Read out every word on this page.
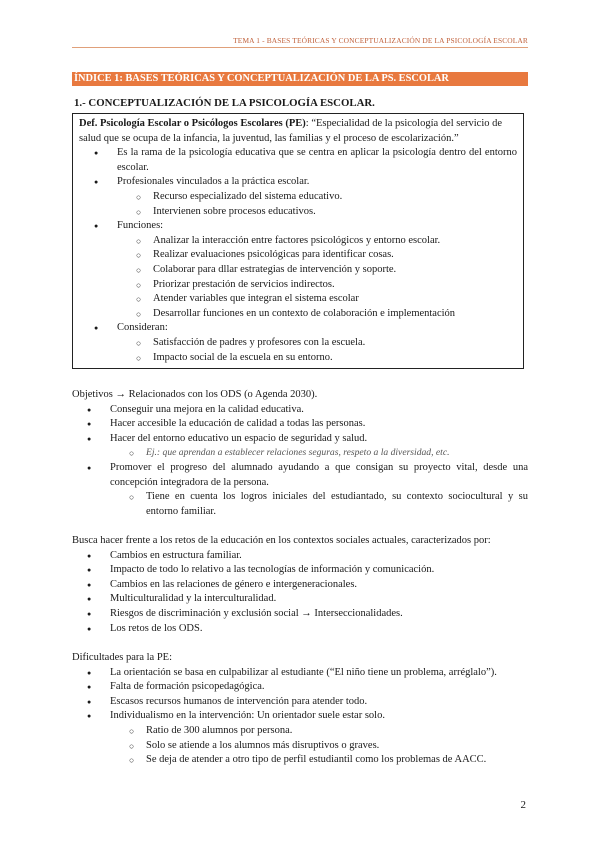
TEMA 1 - BASES TEÓRICAS Y CONCEPTUALIZACIÓN DE LA PSICOLOGÍA ESCOLAR
ÍNDICE 1: BASES TEÓRICAS Y CONCEPTUALIZACIÓN DE LA PS. ESCOLAR
1.- CONCEPTUALIZACIÓN DE LA PSICOLOGÍA ESCOLAR.

Def. Psicología Escolar o Psicólogos Escolares (PE): “Especialidad de la psicología del servicio de salud que se ocupa de la infancia, la juventud, las familias y el proceso de escolarización.”

● Es la rama de la psicología educativa que se centra en aplicar la psicología dentro del entorno escolar.
● Profesionales vinculados a la práctica escolar.
○ Recurso especializado del sistema educativo.
○ Intervienen sobre procesos educativos.
● Funciones:
○ Analizar la interacción entre factores psicológicos y entorno escolar.
○ Realizar evaluaciones psicológicas para identificar cosas.
○ Colaborar para dllar estrategias de intervención y soporte.
○ Priorizar prestación de servicios indirectos.
○ Atender variables que integran el sistema escolar
○ Desarrollar funciones en un contexto de colaboración e implementación
● Consideran:
○ Satisfacción de padres y profesores con la escuela.
○ Impacto social de la escuela en su entorno.

Objetivos → Relacionados con los ODS (o Agenda 2030).

● Conseguir una mejora en la calidad educativa.
● Hacer accesible la educación de calidad a todas las personas.
● Hacer del entorno educativo un espacio de seguridad y salud.
○ Ej.: que aprendan a establecer relaciones seguras, respeto a la diversidad, etc.
● Promover el progreso del alumnado ayudando a que consigan su proyecto vital, desde una concepción integradora de la persona.
○ Tiene en cuenta los logros iniciales del estudiantado, su contexto sociocultural y su entorno familiar.

Busca hacer frente a los retos de la educación en los contextos sociales actuales, caracterizados por:

● Cambios en estructura familiar.
● Impacto de todo lo relativo a las tecnologías de información y comunicación.
● Cambios en las relaciones de género e intergeneracionales.
● Multiculturalidad y la interculturalidad.
● Riesgos de discriminación y exclusión social → Interseccionalidades.
● Los retos de los ODS.

Dificultades para la PE:

● La orientación se basa en culpabilizar al estudiante (“El niño tiene un problema, arréglalo”).
● Falta de formación psicopedagógica.
● Escasos recursos humanos de intervención para atender todo.
● Individualismo en la intervención: Un orientador suele estar solo.
○ Ratio de 300 alumnos por persona.
○ Solo se atiende a los alumnos más disruptivos o graves.
○ Se deja de atender a otro tipo de perfil estudiantil como los problemas de AACC.
2
